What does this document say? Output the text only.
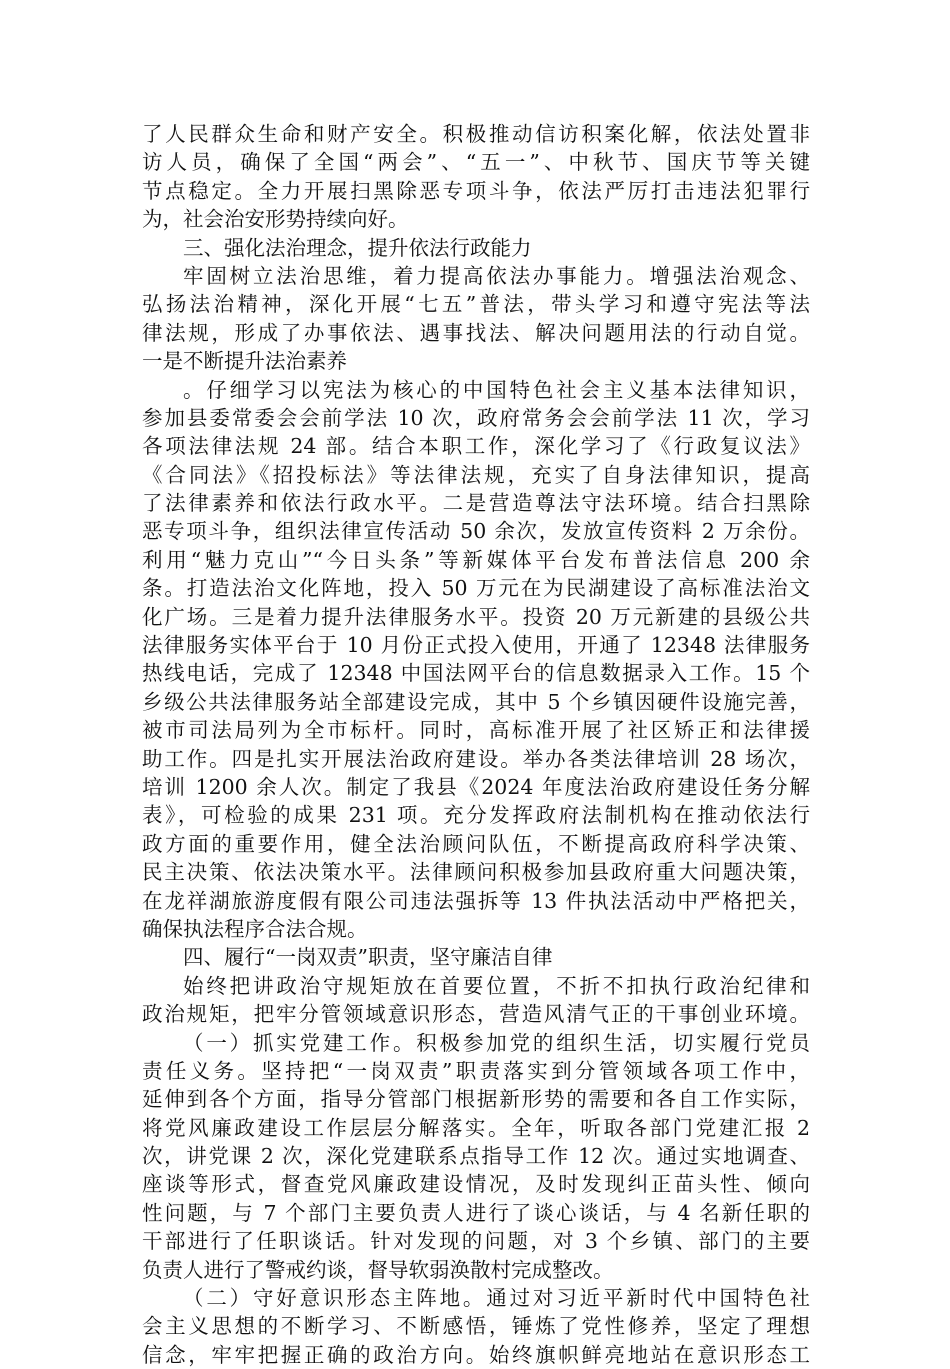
了人民群众生命和财产安全。积极推动信访积案化解，依法处置非
访人员，确保了全国“两会”、“五一”、中秋节、国庆节等关键
节点稳定。全力开展扫黑除恶专项斗争，依法严厉打击违法犯罪行
为，社会治安形势持续向好。
三、强化法治理念，提升依法行政能力
牢固树立法治思维，着力提高依法办事能力。增强法治观念、
弘扬法治精神，深化开展“七五”普法，带头学习和遵守宪法等法
律法规，形成了办事依法、遇事找法、解决问题用法的行动自觉。
一是不断提升法治素养
。仔细学习以宪法为核心的中国特色社会主义基本法律知识，
参加县委常委会会前学法 10 次，政府常务会会前学法 11 次，学习
各项法律法规 24 部。结合本职工作，深化学习了《行政复议法》
《合同法》《招投标法》等法律法规，充实了自身法律知识，提高
了法律素养和依法行政水平。二是营造尊法守法环境。结合扫黑除
恶专项斗争，组织法律宣传活动 50 余次，发放宣传资料 2 万余份。
利用“魅力克山”“今日头条”等新媒体平台发布普法信息 200 余
条。打造法治文化阵地，投入 50 万元在为民湖建设了高标准法治文
化广场。三是着力提升法律服务水平。投资 20 万元新建的县级公共
法律服务实体平台于 10 月份正式投入使用，开通了 12348 法律服务
热线电话，完成了 12348 中国法网平台的信息数据录入工作。15 个
乡级公共法律服务站全部建设完成，其中 5 个乡镇因硬件设施完善，
被市司法局列为全市标杆。同时，高标准开展了社区矫正和法律援
助工作。四是扎实开展法治政府建设。举办各类法律培训 28 场次，
培训 1200 余人次。制定了我县《2024 年度法治政府建设任务分解
表》，可检验的成果 231 项。充分发挥政府法制机构在推动依法行
政方面的重要作用，健全法治顾问队伍，不断提高政府科学决策、
民主决策、依法决策水平。法律顾问积极参加县政府重大问题决策，
在龙祥湖旅游度假有限公司违法强拆等 13 件执法活动中严格把关，
确保执法程序合法合规。
四、履行“一岗双责”职责，坚守廉洁自律
始终把讲政治守规矩放在首要位置，不折不扣执行政治纪律和
政治规矩，把牢分管领域意识形态，营造风清气正的干事创业环境。
（一）抓实党建工作。积极参加党的组织生活，切实履行党员
责任义务。坚持把“一岗双责”职责落实到分管领域各项工作中，
延伸到各个方面，指导分管部门根据新形势的需要和各自工作实际，
将党风廉政建设工作层层分解落实。全年，听取各部门党建汇报 2
次，讲党课 2 次，深化党建联系点指导工作 12 次。通过实地调查、
座谈等形式，督查党风廉政建设情况，及时发现纠正苗头性、倾向
性问题，与 7 个部门主要负责人进行了谈心谈话，与 4 名新任职的
干部进行了任职谈话。针对发现的问题，对 3 个乡镇、部门的主要
负责人进行了警戒约谈，督导软弱涣散村完成整改。
（二）守好意识形态主阵地。通过对习近平新时代中国特色社
会主义思想的不断学习、不断感悟，锤炼了党性修养，坚定了理想
信念，牢牢把握正确的政治方向。始终旗帜鲜亮地站在意识形态工
